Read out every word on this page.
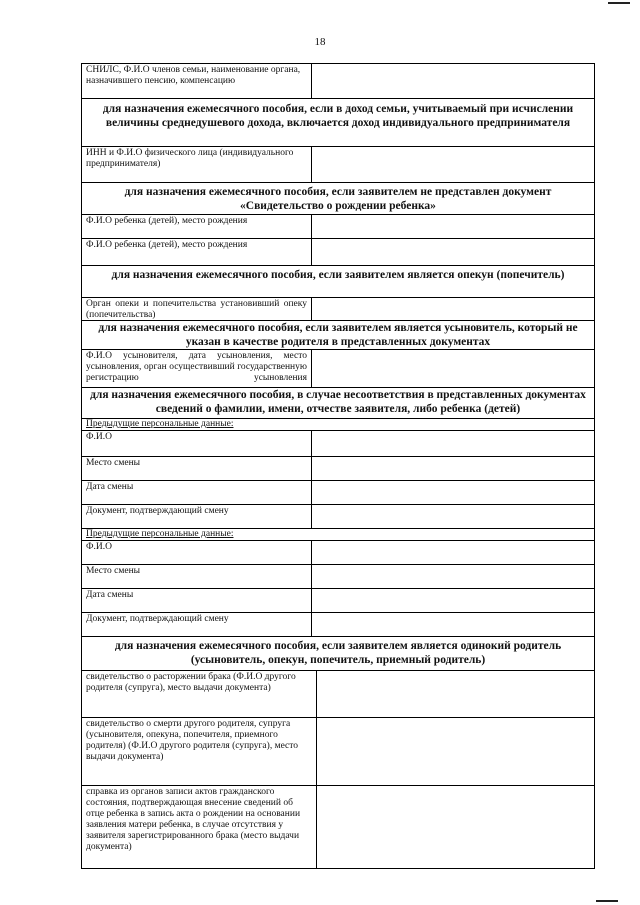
18
СНИЛС, Ф.И.О членов семьи, наименование органа, назначившего пенсию, компенсацию
для назначения ежемесячного пособия, если в доход семьи, учитываемый при исчислении величины среднедушевого дохода, включается доход индивидуального предпринимателя
ИНН и Ф.И.О физического лица (индивидуального предпринимателя)
для назначения ежемесячного пособия, если заявителем не представлен документ «Свидетельство о рождении ребенка»
Ф.И.О ребенка (детей), место рождения
Ф.И.О ребенка (детей), место рождения
для назначения ежемесячного пособия, если заявителем является опекун (попечитель)
Орган опеки и попечительства установивший опеку (попечительства)
для назначения ежемесячного пособия, если заявителем является усыновитель, который не указан в качестве родителя в представленных документах
Ф.И.О усыновителя, дата усыновления, место усыновления, орган осуществивший государственную регистрацию усыновления
для назначения ежемесячного пособия, в случае несоответствия в представленных документах сведений о фамилии, имени, отчестве заявителя, либо ребенка (детей)
Предыдущие персональные данные:
Ф.И.О
Место смены
Дата смены
Документ, подтверждающий смену
Предыдущие персональные данные:
Ф.И.О
Место смены
Дата смены
Документ, подтверждающий смену
для назначения ежемесячного пособия, если заявителем является одинокий родитель (усыновитель, опекун, попечитель, приемный родитель)
свидетельство о расторжении брака (Ф.И.О другого родителя (супруга), место выдачи документа)
свидетельство о смерти другого родителя, супруга (усыновителя, опекуна, попечителя, приемного родителя) (Ф.И.О другого родителя (супруга), место выдачи документа)
справка из органов записи актов гражданского состояния, подтверждающая внесение сведений об отце ребенка в запись акта о рождении на основании заявления матери ребенка, в случае отсутствия у заявителя зарегистрированного брака (место выдачи документа)
